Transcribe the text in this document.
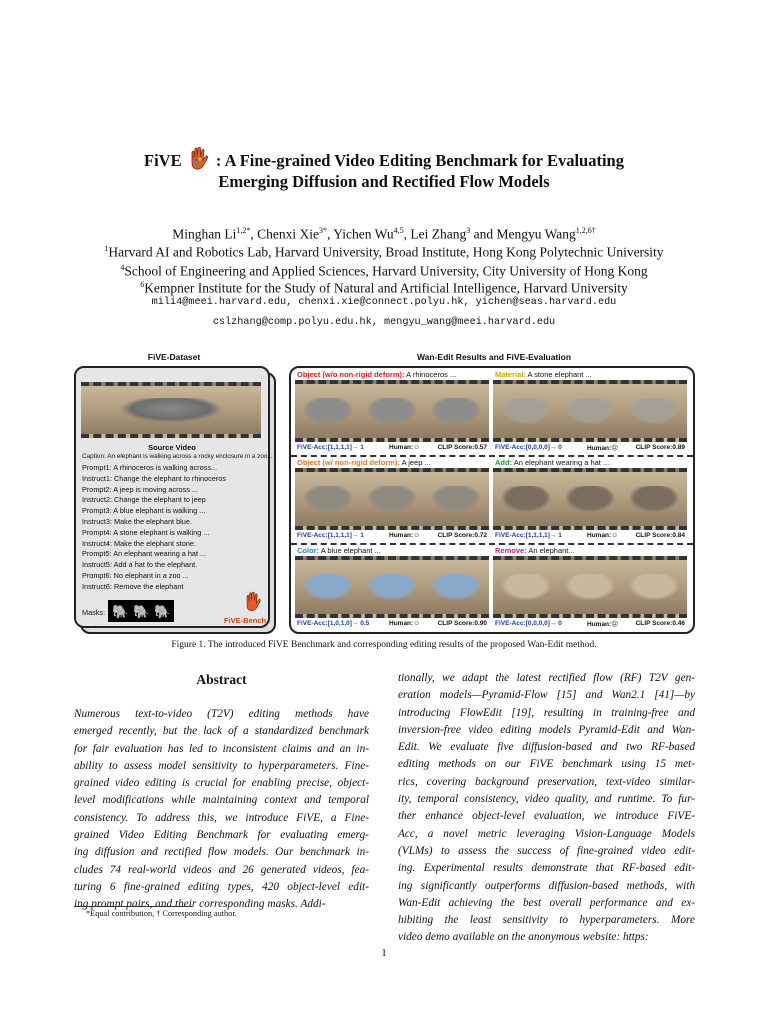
FiVE : A Fine-grained Video Editing Benchmark for Evaluating
Emerging Diffusion and Rectified Flow Models
Minghan $Li^{1,2*}$, Chenxi Xie$^{3*}$, Yichen Wu$^{4,5}$, Lei Zhang$^3$ and Mengyu Wang$^{1,2,6\dagger}$
$^1$Harvard AI and Robotics Lab, Harvard University, Broad Institute, Hong Kong Polytechnic University
$^4$School of Engineering and Applied Sciences, Harvard University, City University of Hong Kong
$^6$Kempner Institute for the Study of Natural and Artificial Intelligence, Harvard University
mili4@meei.harvard.edu, chenxi.xie@connect.polyu.hk, yichen@seas.harvard.edu
cslzhang@comp.polyu.edu.hk, mengyu_wang@meei.harvard.edu
FiVE-Dataset	Wan-Edit Results and FiVE-Evaluation
Source Video
Caption: An elephant is walking across a rocky enclosure in a zoo...
Prompt1: A rhinoceros is walking across...
Instruct1: Change the elephant to rhinoceros
Prompt2: A jeep is moving across ...
Instruct2: Change the elephant to jeep
Prompt3: A blue elephant is walking ...
Instruct3: Make the elephant blue.
Prompt4: A stone elephant is walking ...
Instruct4: Make the elephant stone.
Prompt5: An elephant wearing a hat ...
Instruct5: Add a hat to the elephant.
Prompt6: No elephant in a zoo ...
Instruct6: Remove the elephant
Masks: 🐘 🐘 🐘
FiVE-Bench
Object (w/o non-rigid deform): A rhinoceros ...
FiVE-Acc:[1,1,1,1]→ 1	Human:☺	CLIP Score:0.57
Material: A stone elephant ...
FiVE-Acc:[0,0,0,0]→ 0	Human:☹	CLIP Score:0.89
Object (w/ non-rigid deform): A jeep ...
FiVE-Acc:[1,1,1,1]→ 1	Human:☺	CLIP Score:0.72
Add: An elephant wearing a hat ...
FiVE-Acc:[1,1,1,1]→ 1	Human:☺	CLIP Score:0.84
Color: A blue elephant ...
FiVE-Acc:[1,0,1,0]→ 0.5	Human:☺	CLIP Score:0.90
Remove: An elephant...
FiVE-Acc:[0,0,0,0]→ 0	Human:☹	CLIP Score:0.46
Figure 1. The introduced FiVE Benchmark and corresponding editing results of the proposed Wan-Edit method.
Abstract
Numerous text-to-video (T2V) editing methods have
emerged recently, but the lack of a standardized benchmark
for fair evaluation has led to inconsistent claims and an in-
ability to assess model sensitivity to hyperparameters. Fine-
grained video editing is crucial for enabling precise, object-
level modifications while maintaining context and temporal
consistency. To address this, we introduce FiVE, a Fine-
grained Video Editing Benchmark for evaluating emerg-
ing diffusion and rectified flow models. Our benchmark in-
cludes 74 real-world videos and 26 generated videos, fea-
turing 6 fine-grained editing types, 420 object-level edit-
ing prompt pairs, and their corresponding masks. Addi-
tionally, we adapt the latest rectified flow (RF) T2V gen-
eration models—Pyramid-Flow [15] and Wan2.1 [41]—by
introducing FlowEdit [19], resulting in training-free and
inversion-free video editing models Pyramid-Edit and Wan-
Edit. We evaluate five diffusion-based and two RF-based
editing methods on our FiVE benchmark using 15 met-
rics, covering background preservation, text-video similar-
ity, temporal consistency, video quality, and runtime. To fur-
ther enhance object-level evaluation, we introduce FiVE-
Acc, a novel metric leveraging Vision-Language Models
(VLMs) to assess the success of fine-grained video edit-
ing. Experimental results demonstrate that RF-based edit-
ing significantly outperforms diffusion-based methods, with
Wan-Edit achieving the best overall performance and ex-
hibiting the least sensitivity to hyperparameters. More
video demo available on the anonymous website: https:
*Equal contribution, † Corresponding author.
1
